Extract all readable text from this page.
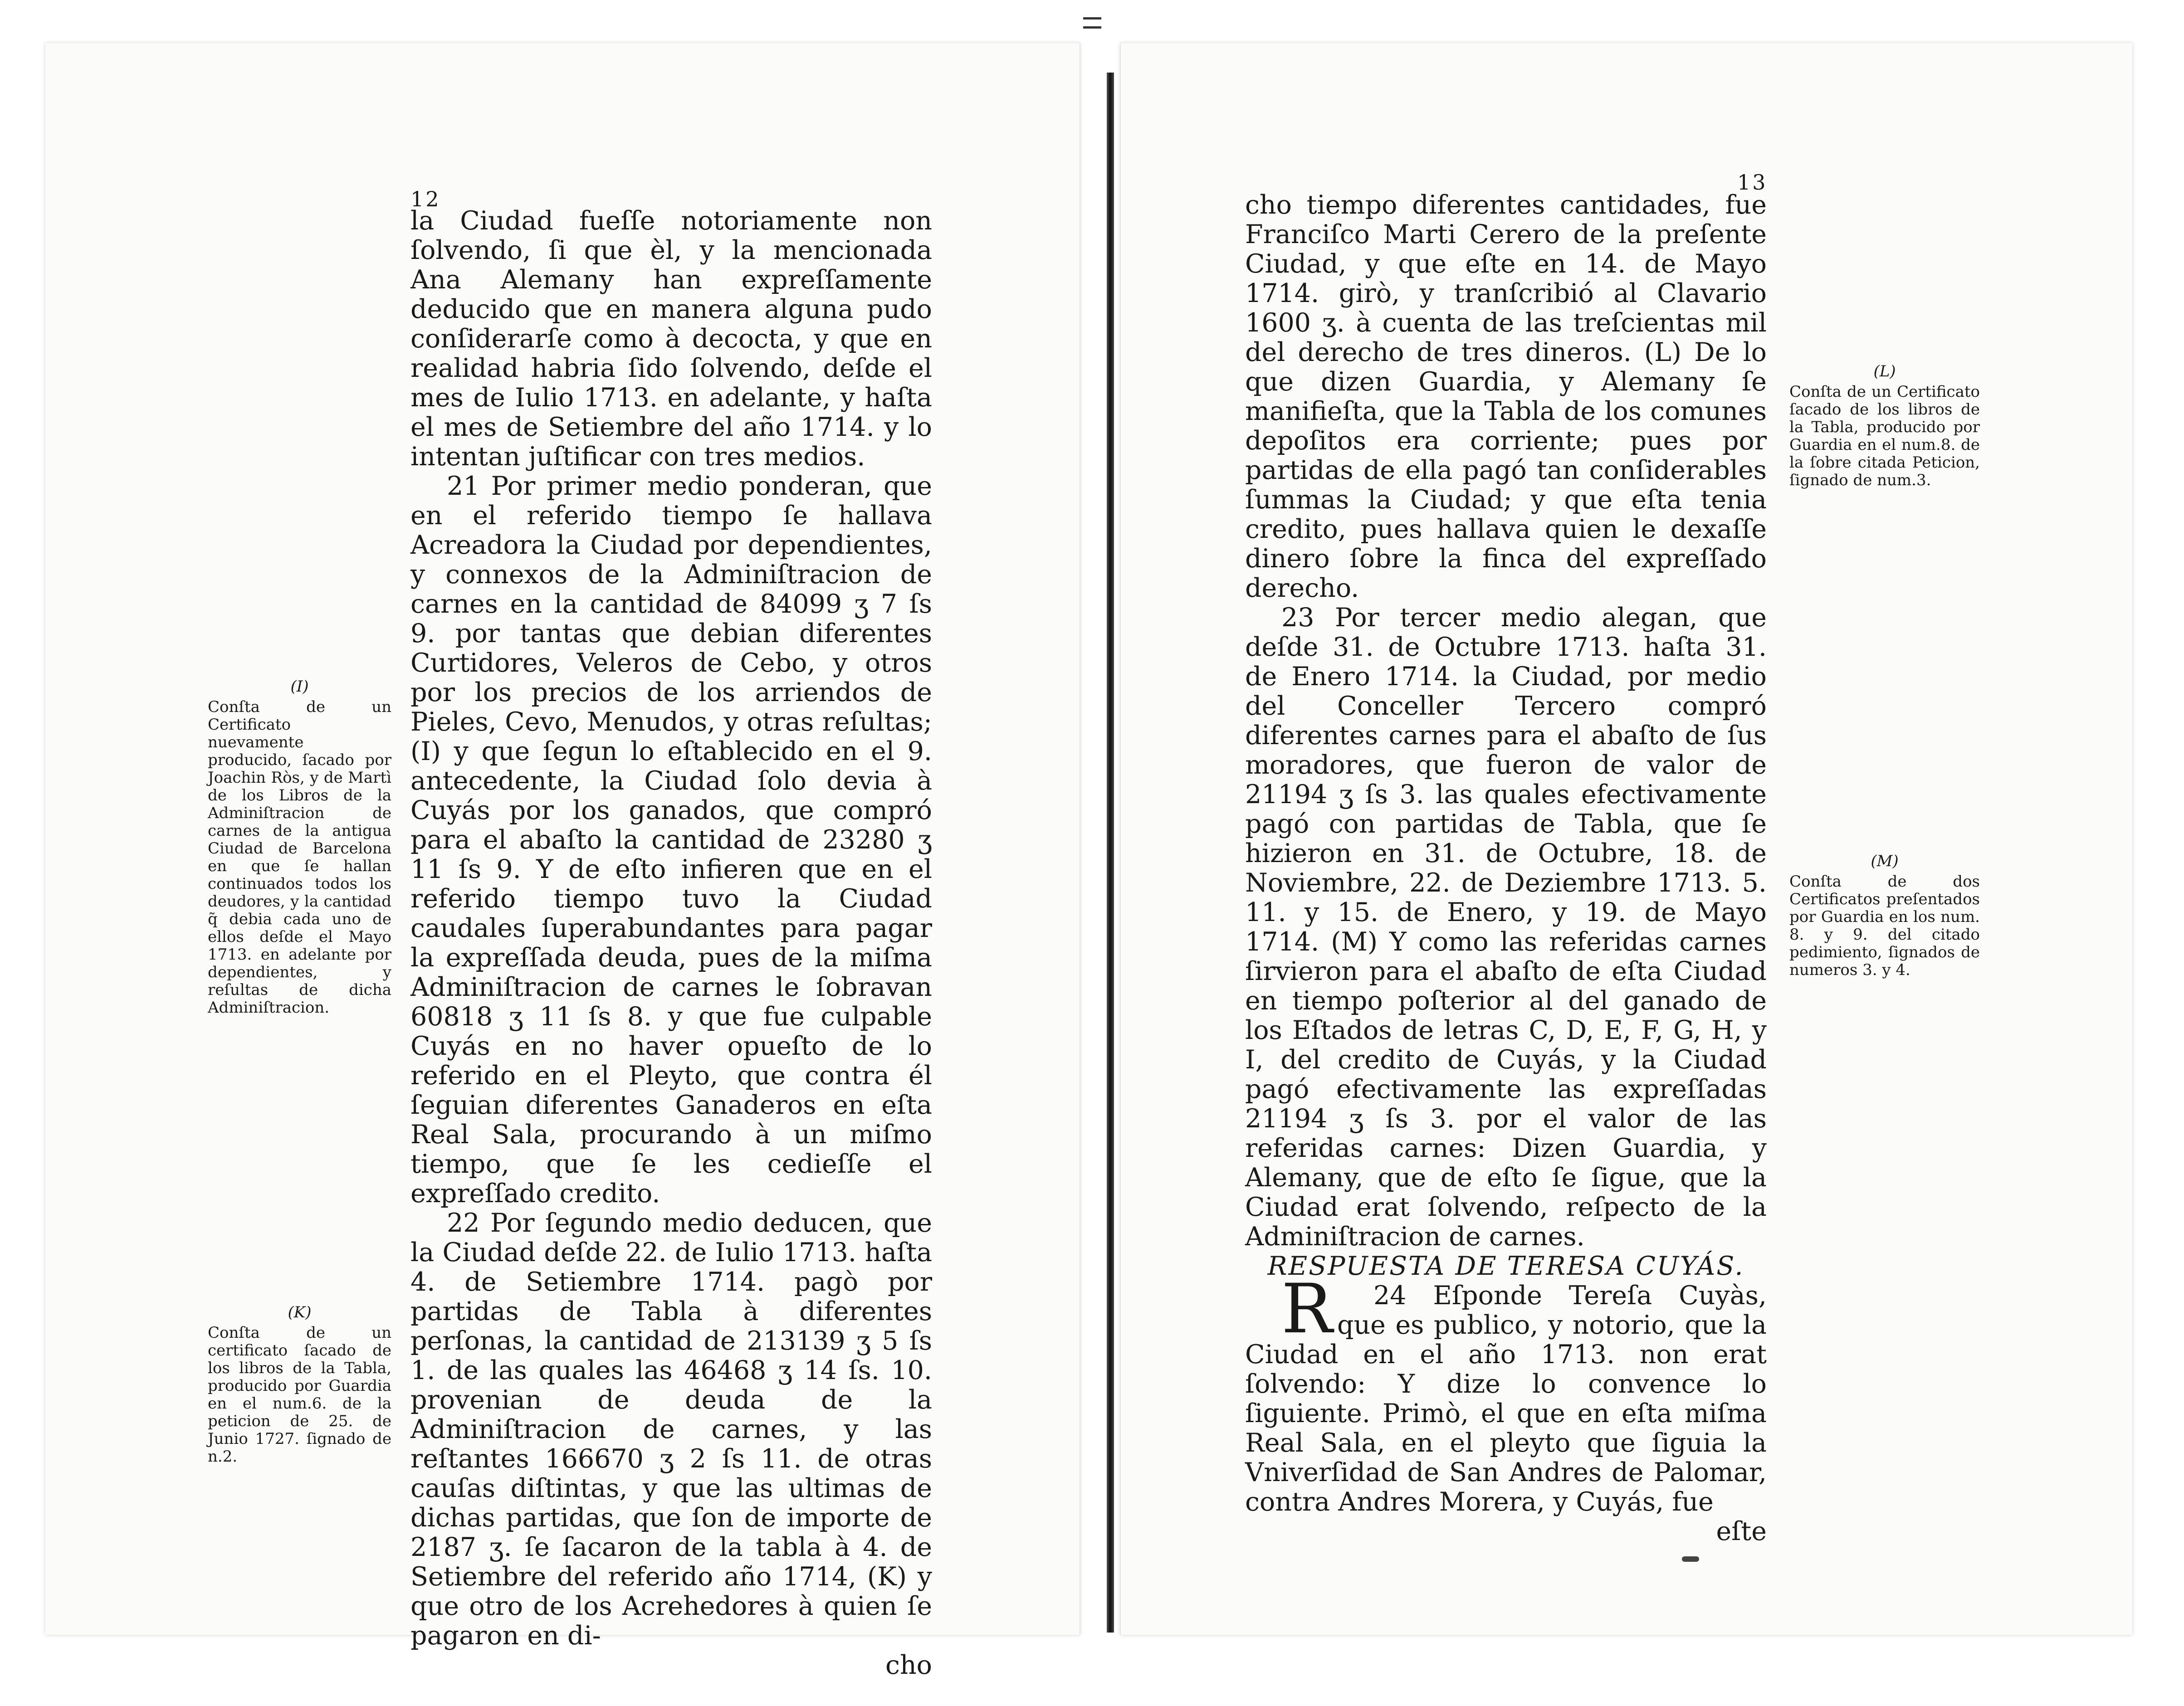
12

la Ciudad fueſſe notoriamente non ſolvendo, ſi que èl, y la mencionada Ana Alemany han expreſſamente deducido que en manera alguna pudo conſiderarſe como à decocta, y que en realidad habria ſido ſolvendo, deſde el mes de Iulio 1713. en adelante, y haſta el mes de Setiembre del año 1714. y lo intentan juſtificar con tres medios.

21 Por primer medio ponderan, que en el referido tiempo ſe hallava Acreadora la Ciudad por dependientes, y connexos de la Adminiſtracion de carnes en la cantidad de 84099 ʒ 7 ſs 9. por tantas que debian diferentes Curtidores, Veleros de Cebo, y otros por los precios de los arriendos de Pieles, Cevo, Menudos, y otras reſultas; (I) y que ſegun lo eſtablecido en el 9. antecedente, la Ciudad ſolo devia à Cuyás por los ganados, que compró para el abaſto la cantidad de 23280 ʒ 11 ſs 9. Y de eſto infieren que en el referido tiempo tuvo la Ciudad caudales ſuperabundantes para pagar la expreſſada deuda, pues de la miſma Adminiſtracion de carnes le ſobravan 60818 ʒ 11 ſs 8. y que fue culpable Cuyás en no haver opueſto de lo referido en el Pleyto, que contra él ſeguian diferentes Ganaderos en eſta Real Sala, procurando à un miſmo tiempo, que ſe les cedieſſe el expreſſado credito.

22 Por ſegundo medio deducen, que la Ciudad deſde 22. de Iulio 1713. haſta 4. de Setiembre 1714. pagò por partidas de Tabla à diferentes perſonas, la cantidad de 213139 ʒ 5 ſs 1. de las quales las 46468 ʒ 14 ſs. 10. provenian de deuda de la Adminiſtracion de carnes, y las reſtantes 166670 ʒ 2 ſs 11. de otras cauſas diſtintas, y que las ultimas de dichas partidas, que ſon de importe de 2187 ʒ. ſe ſacaron de la tabla à 4. de Setiembre del referido año 1714, (K) y que otro de los Acrehedores à quien ſe pagaron en di-

cho

(I)
Conſta de un Certificato nuevamente producido, ſacado por Joachin Ròs, y de Martì de los Libros de la Adminiſtracion de carnes de la antigua Ciudad de Barcelona en que ſe hallan continuados todos los deudores, y la cantidad q̃ debia cada uno de ellos deſde el Mayo 1713. en adelante por dependientes, y reſultas de dicha Adminiſtracion.
(K)
Conſta de un certificato ſacado de los libros de la Tabla, producido por Guardia en el num.6. de la peticion de 25. de Junio 1727. ſignado de n.2.
13

cho tiempo diferentes cantidades, fue Franciſco Marti Cerero de la preſente Ciudad, y que eſte en 14. de Mayo 1714. girò, y tranſcribió al Clavario 1600 ʒ. à cuenta de las treſcientas mil del derecho de tres dineros. (L) De lo que dizen Guardia, y Alemany ſe manifieſta, que la Tabla de los comunes depoſitos era corriente; pues por partidas de ella pagó tan conſiderables ſummas la Ciudad; y que eſta tenia credito, pues hallava quien le dexaſſe dinero ſobre la finca del expreſſado derecho.

23 Por tercer medio alegan, que deſde 31. de Octubre 1713. haſta 31. de Enero 1714. la Ciudad, por medio del Conceller Tercero compró diferentes carnes para el abaſto de ſus moradores, que fueron de valor de 21194 ʒ ſs 3. las quales efectivamente pagó con partidas de Tabla, que ſe hizieron en 31. de Octubre, 18. de Noviembre, 22. de Deziembre 1713. 5. 11. y 15. de Enero, y 19. de Mayo 1714. (M) Y como las referidas carnes ſirvieron para el abaſto de eſta Ciudad en tiempo poſterior al del ganado de los Eſtados de letras C, D, E, F, G, H, y I, del credito de Cuyás, y la Ciudad pagó efectivamente las expreſſadas 21194 ʒ ſs 3. por el valor de las referidas carnes: Dizen Guardia, y Alemany, que de eſto ſe ſigue, que la Ciudad erat ſolvendo, reſpecto de la Adminiſtracion de carnes.

RESPUESTA DE TERESA CUYÁS.

24
R	Eſponde Tereſa Cuyàs, que es publico, y notorio, que la Ciudad en el año 1713. non erat ſolvendo: Y dize lo convence lo ſiguiente. Primò, el que en eſta miſma Real Sala, en el pleyto que ſiguia la Vniverſidad de San Andres de Palomar, contra Andres Morera, y Cuyás, fue

eſte

(L)
Conſta de un Certificato ſacado de los libros de la Tabla, producido por Guardia en el num.8. de la ſobre citada Peticion, ſignado de num.3.
(M)
Conſta de dos Certificatos preſentados por Guardia en los num. 8. y 9. del citado pedimiento, ſignados de numeros 3. y 4.
